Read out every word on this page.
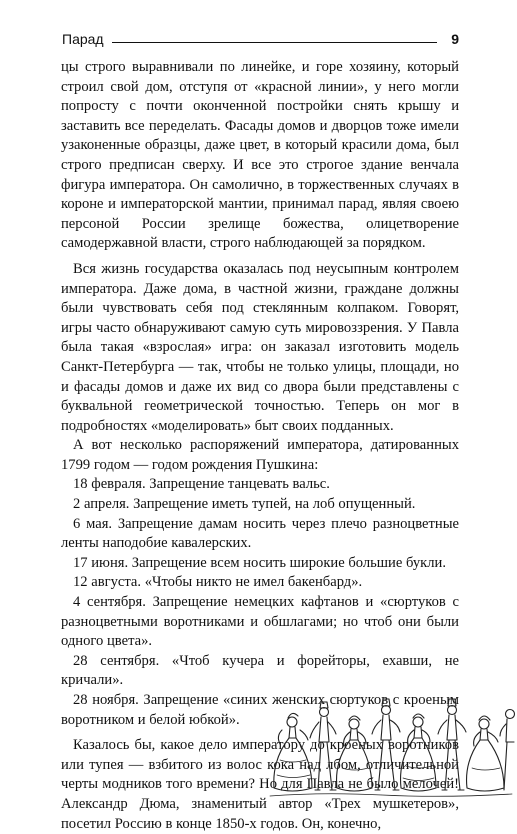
Парад	9

цы строго выравнивали по линейке, и горе хозяину, который строил свой дом, отступя от «красной линии», у него могли попросту с почти оконченной постройки снять крышу и заставить все переделать. Фасады домов и дворцов тоже имели узаконенные образцы, даже цвет, в который красили дома, был строго предписан сверху. И все это строгое здание венчала фигура императора. Он самолично, в торжественных случаях в короне и императорской мантии, принимал парад, являя своею персоной России зрелище божества, олицетворение самодержавной власти, строго наблюдающей за порядком.

Вся жизнь государства оказалась под неусыпным контролем императора. Даже дома, в частной жизни, граждане должны были чувствовать себя под стеклянным колпаком. Говорят, игры часто обнаруживают самую суть мировоззрения. У Павла была такая «взрослая» игра: он заказал изготовить модель Санкт-Петербурга — так, чтобы не только улицы, площади, но и фасады домов и даже их вид со двора были представлены с буквальной геометрической точностью. Теперь он мог в подробностях «моделировать» быт своих подданных.

А вот несколько распоряжений императора, датированных 1799 годом — годом рождения Пушкина:

18 февраля. Запрещение танцевать вальс.

2 апреля. Запрещение иметь тупей, на лоб опущенный.

6 мая. Запрещение дамам носить через плечо разноцветные ленты наподобие кавалерских.

17 июня. Запрещение всем носить широкие большие букли.

12 августа. «Чтобы никто не имел бакенбард».

4 сентября. Запрещение немецких кафтанов и «сюртуков с разноцветными воротниками и обшлагами; но чтоб они были одного цвета».

28 сентября. «Чтоб кучера и форейторы, ехавши, не кричали».

28 ноября. Запрещение «синих женских сюртуков с кроеным воротником и белой юбкой».

Казалось бы, какое дело императору до кроеных воротников или тупея — взбитого из волос кока над лбом, отличительной черты модников того времени? Но для Павла не было мелочей! Александр Дюма, знаменитый автор «Трех мушкетеров», посетил Россию в конце 1850-х годов. Он, конечно,
